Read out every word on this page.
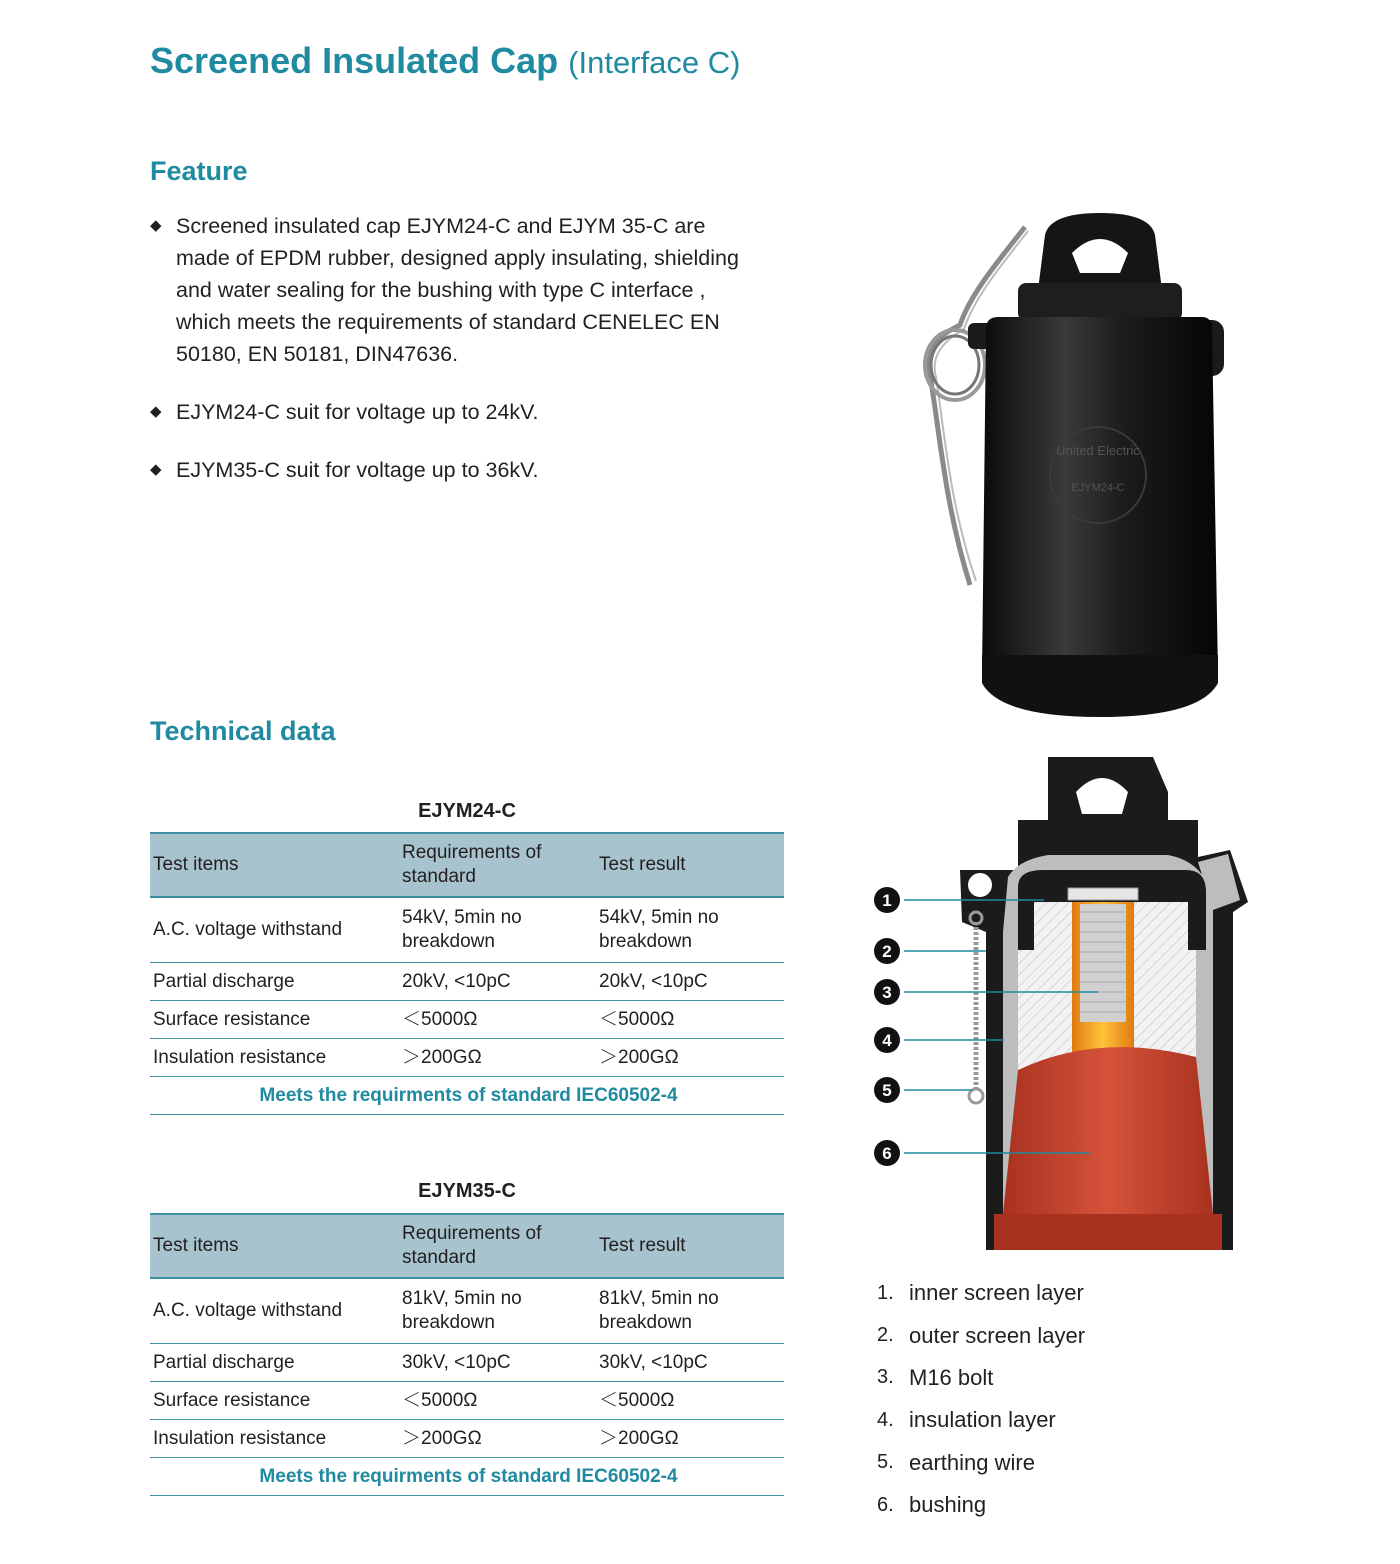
Screened Insulated Cap (Interface C)
Feature
◆ Screened insulated cap EJYM24-C and EJYM 35-C are made of EPDM rubber, designed apply insulating, shielding and water sealing for the bushing with type C interface , which meets the requirements of standard CENELEC EN 50180, EN 50181, DIN47636.
◆ EJYM24-C suit for voltage up to 24kV.
◆ EJYM35-C suit for voltage up to 36kV.
United Electric
EJYM24-C
Technical data
EJYM24-C
Test items	Requirements of standard	Test result
A.C. voltage withstand	54kV, 5min no breakdown	54kV, 5min no breakdown
Partial discharge	20kV, <10pC	20kV, <10pC
Surface resistance	＜5000Ω	＜5000Ω
Insulation resistance	＞200GΩ	＞200GΩ
Meets the requirments of standard IEC60502-4		
EJYM35-C
Test items	Requirements of standard	Test result
A.C. voltage withstand	81kV, 5min no breakdown	81kV, 5min no breakdown
Partial discharge	30kV, <10pC	30kV, <10pC
Surface resistance	＜5000Ω	＜5000Ω
Insulation resistance	＞200GΩ	＞200GΩ
Meets the requirments of standard IEC60502-4		
1
2
3
4
5
6
1. inner screen layer
2. outer screen layer
3. M16 bolt
4. insulation layer
5. earthing wire
6. bushing
